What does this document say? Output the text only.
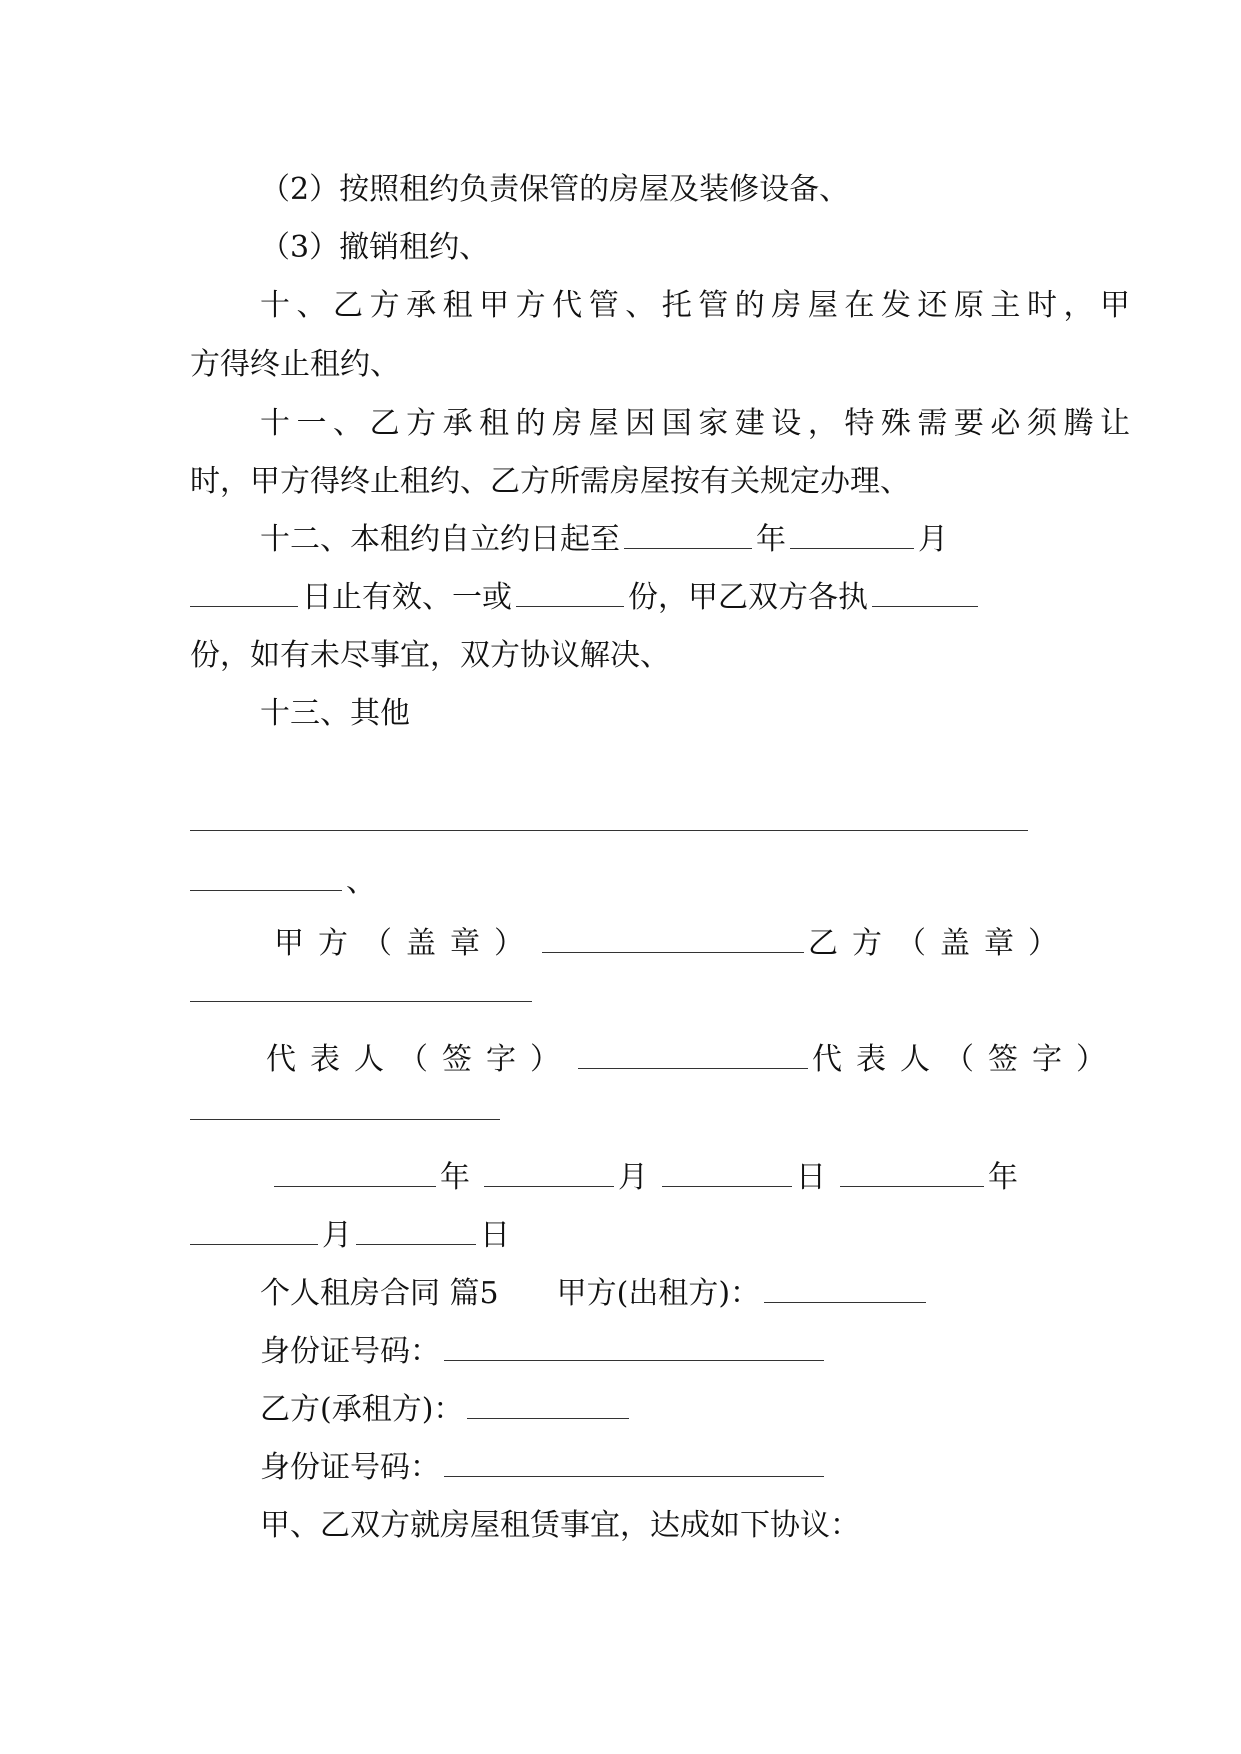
（2）按照租约负责保管的房屋及装修设备、
（3）撤销租约、
十、乙方承租甲方代管、托管的房屋在发还原主时，甲
方得终止租约、
十一、乙方承租的房屋因国家建设，特殊需要必须腾让
时，甲方得终止租约、乙方所需房屋按有关规定办理、
十二、本租约自立约日起至	年	月
日止有效、一或	份，甲乙双方各执
份，如有未尽事宜，双方协议解决、
十三、其他
、
甲方（盖章）	乙方（盖章）
代表人（签字）	代表人（签字）
年	月	日	年
月	日
个人租房合同 篇5 甲方(出租方)：
身份证号码：
乙方(承租方)：
身份证号码：
甲、乙双方就房屋租赁事宜，达成如下协议：
